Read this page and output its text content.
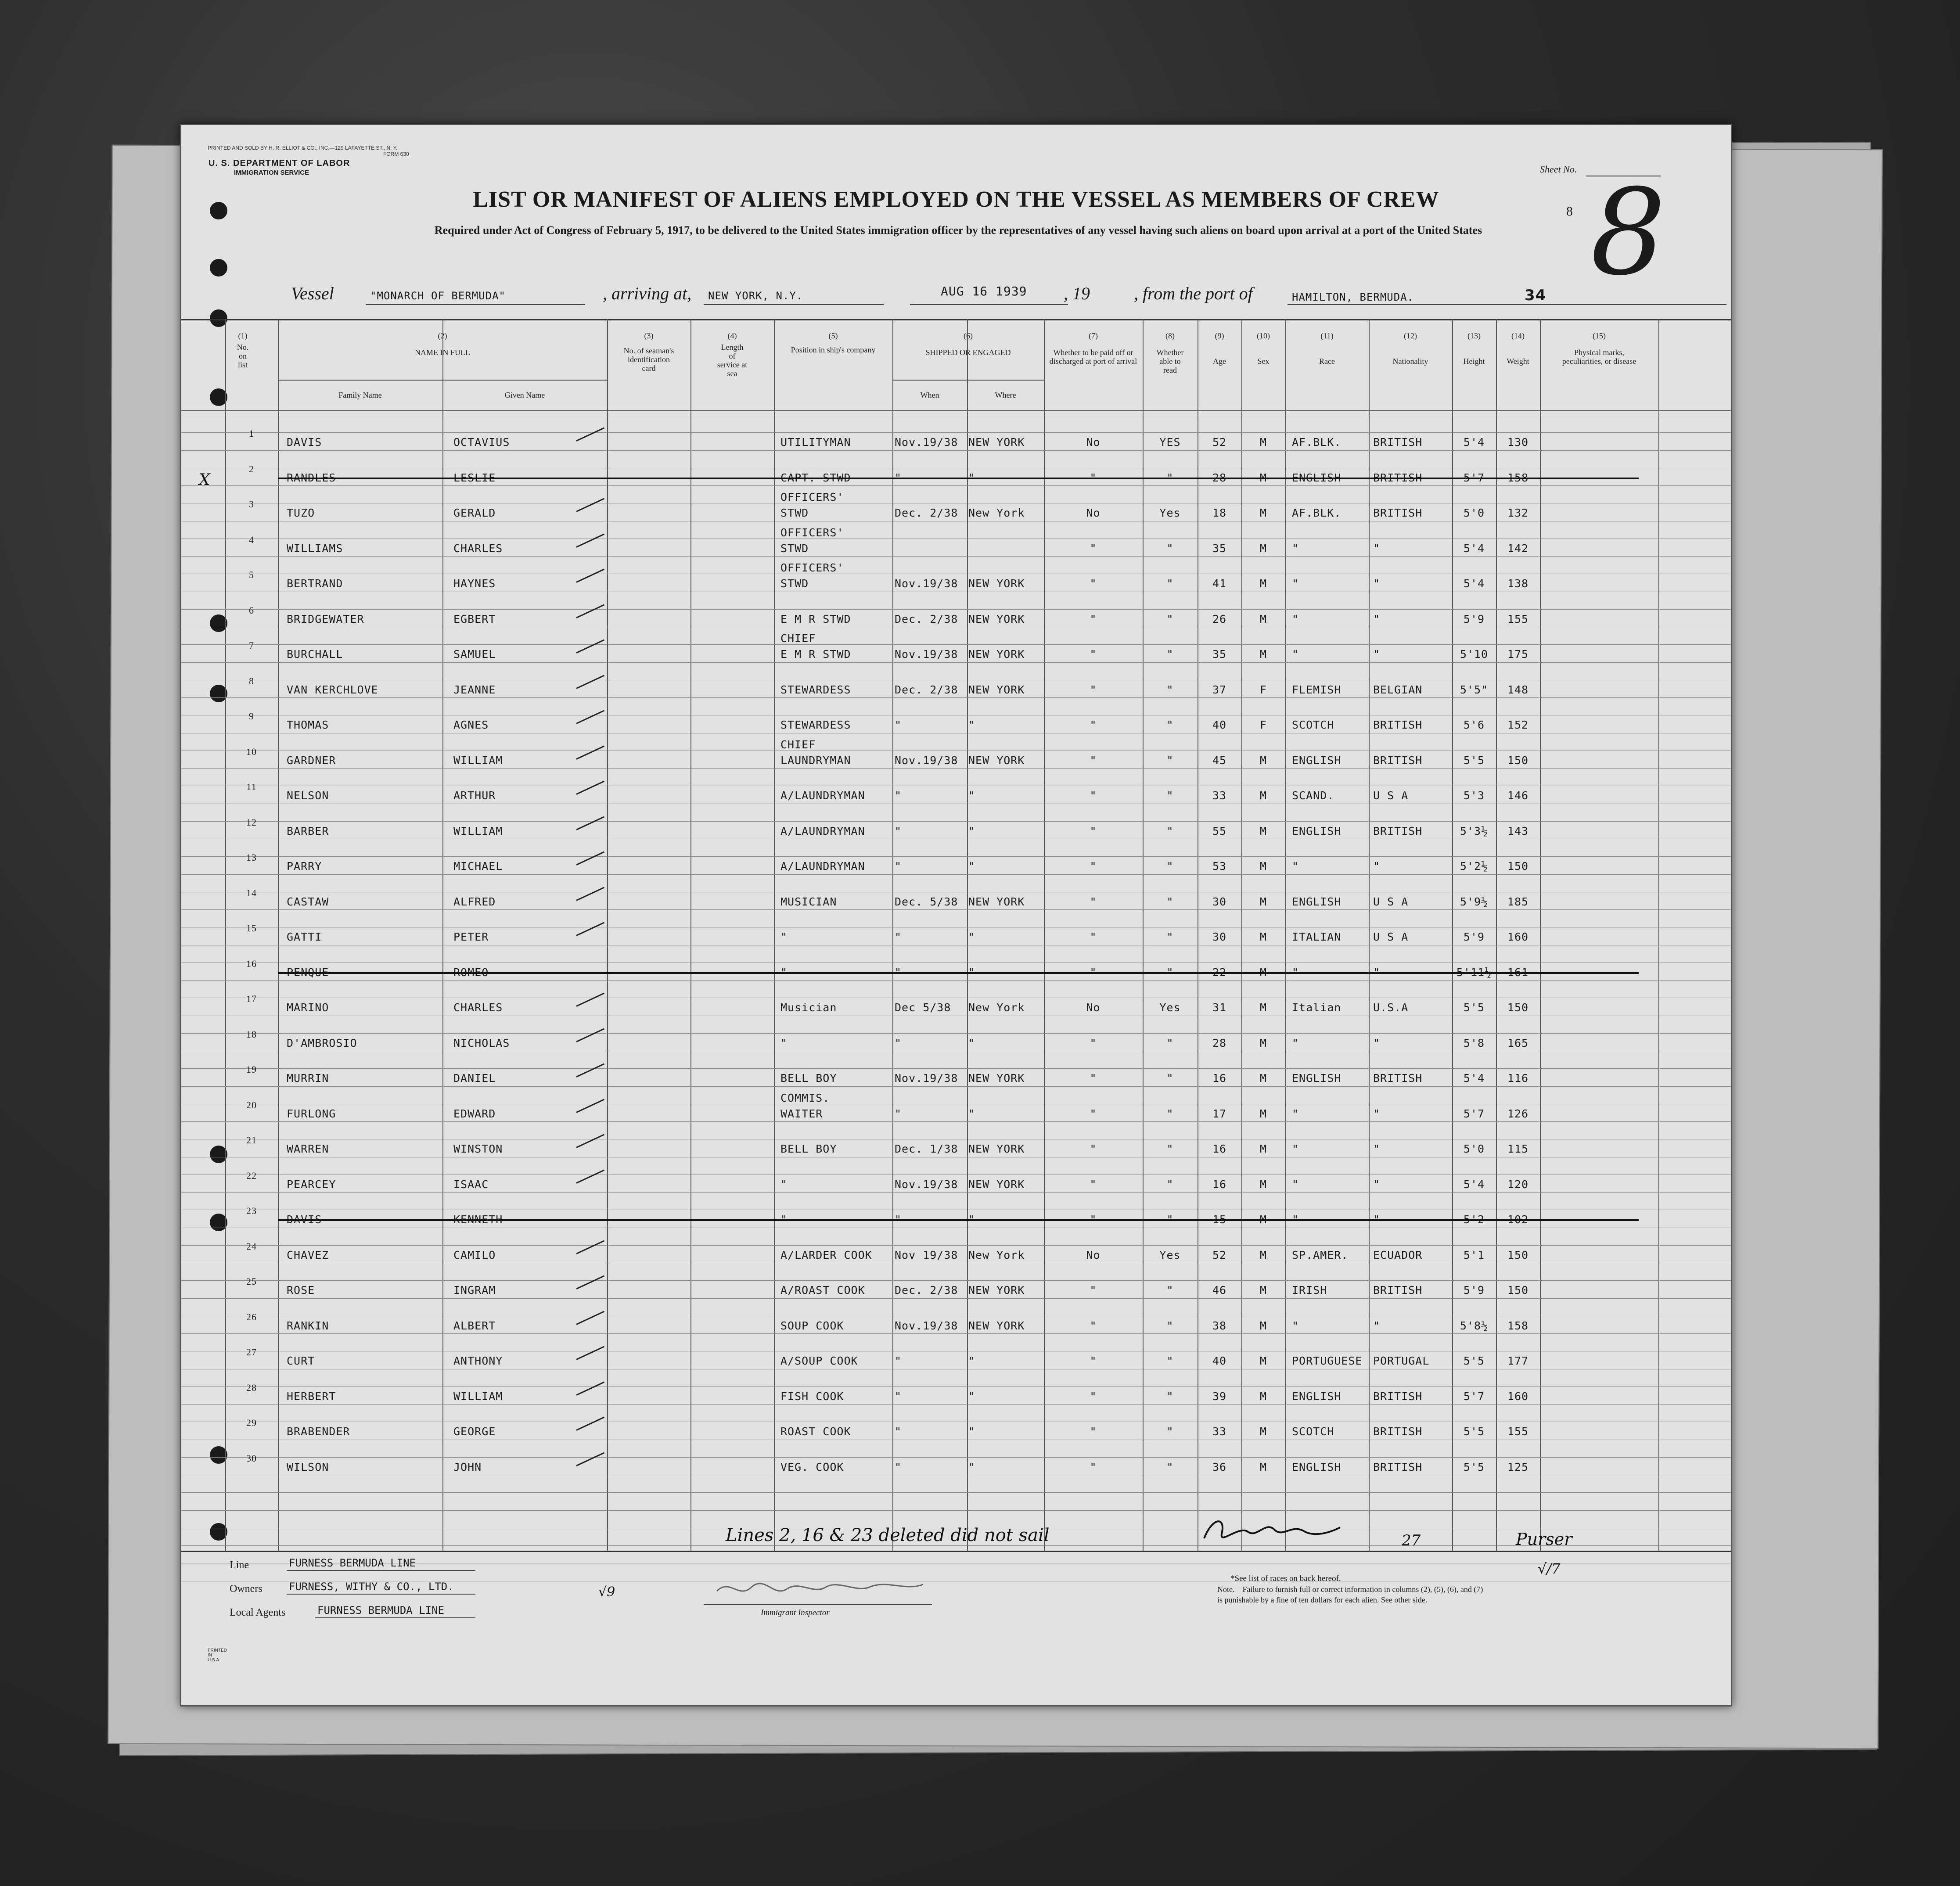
PRINTED AND SOLD BY H. R. ELLIOT & CO., INC.—129 LAFAYETTE ST., N. Y.
FORM 630
U. S. DEPARTMENT OF LABOR
IMMIGRATION SERVICE	Sheet No.
8 8
LIST OR MANIFEST OF ALIENS EMPLOYED ON THE VESSEL AS MEMBERS OF CREW
Required under Act of Congress of February 5, 1917, to be delivered to the United States immigration officer by the representatives of any vessel having such aliens on board upon arrival at a port of the United States
Vessel	"MONARCH OF BERMUDA"	, arriving at, NEW YORK, N.Y.	AUG 16 1939 , 19	, from the port of	HAMILTON, BERMUDA.	34
(1)
No. on list
(2)
NAME IN FULL
Family Name	Given Name
(3)
No. of seaman's identification card
(4)
Length of service at sea
(5)
Position in ship's company
(6)
SHIPPED OR ENGAGED
When	Where
(7)
Whether to be paid off or discharged at port of arrival
(8)
Whether able to read
(9)
Age
(10)
Sex
(11)
Race
(12)
Nationality
(13)
Height
(14)
Weight
(15)
Physical marks, peculiarities, or disease
1
DAVIS	OCTAVIUS	UTILITYMAN	Nov.19/38 NEW YORK	No	YES	52	M	AF.BLK.	BRITISH	5'4	130
2
RANDLES	LESLIE	CAPT. STWD	"	"	"	"	28	M	ENGLISH	BRITISH	5'7	158
3
TUZO	GERALD	STWD	Dec. 2/38 New York	No	Yes	18	M	AF.BLK.	BRITISH	5'0	132
OFFICERS'
4
WILLIAMS	CHARLES	STWD	"	"	35	M	"	"	5'4	142
OFFICERS'
5
BERTRAND	HAYNES	STWD	Nov.19/38 NEW YORK	"	"	41	M	"	"	5'4	138
OFFICERS'
6
BRIDGEWATER	EGBERT	E M R STWD	Dec. 2/38 NEW YORK	"	"	26	M	"	"	5'9	155
7
BURCHALL	SAMUEL	E M R STWD	Nov.19/38 NEW YORK	"	"	35	M	"	"	5'10	175
CHIEF
8
VAN KERCHLOVE	JEANNE	STEWARDESS	Dec. 2/38 NEW YORK	"	"	37	F	FLEMISH	BELGIAN	5'5"	148
9
THOMAS	AGNES	STEWARDESS	"	"	"	"	40	F	SCOTCH	BRITISH	5'6	152
10
GARDNER	WILLIAM	LAUNDRYMAN	Nov.19/38 NEW YORK	"	"	45	M	ENGLISH	BRITISH	5'5	150
CHIEF
11
NELSON	ARTHUR	A/LAUNDRYMAN	"	"	"	"	33	M	SCAND.	U S A	5'3	146
12
BARBER	WILLIAM	A/LAUNDRYMAN	"	"	"	"	55	M	ENGLISH	BRITISH	5'3½	143
13
PARRY	MICHAEL	A/LAUNDRYMAN	"	"	"	"	53	M	"	"	5'2½	150
14
CASTAW	ALFRED	MUSICIAN	Dec. 5/38 NEW YORK	"	"	30	M	ENGLISH	U S A	5'9½	185
15
GATTI	PETER	"	"	"	"	"	30	M	ITALIAN	U S A	5'9	160
16
PENQUE	ROMEO	"	"	"	"	"	22	M	"	"	5'11½	161
17
MARINO	CHARLES	Musician	Dec 5/38	New York	No	Yes	31	M	Italian	U.S.A	5'5	150
18
D'AMBROSIO	NICHOLAS	"	"	"	"	"	28	M	"	"	5'8	165
19
MURRIN	DANIEL	BELL BOY	Nov.19/38 NEW YORK	"	"	16	M	ENGLISH	BRITISH	5'4	116
20
FURLONG	EDWARD	WAITER	"	"	"	"	17	M	"	"	5'7	126
COMMIS.
21
WARREN	WINSTON	BELL BOY	Dec. 1/38 NEW YORK	"	"	16	M	"	"	5'0	115
22
PEARCEY	ISAAC	"	Nov.19/38 NEW YORK	"	"	16	M	"	"	5'4	120
23
DAVIS	KENNETH	"	"	"	"	"	15	M	"	"	5'2	102
24
CHAVEZ	CAMILO	A/LARDER COOK	Nov 19/38 New York	No	Yes	52	M	SP.AMER.	ECUADOR	5'1	150
25
ROSE	INGRAM	A/ROAST COOK	Dec. 2/38 NEW YORK	"	"	46	M	IRISH	BRITISH	5'9	150
26
RANKIN	ALBERT	SOUP COOK	Nov.19/38 NEW YORK	"	"	38	M	"	"	5'8½	158
27
CURT	ANTHONY	A/SOUP COOK	"	"	"	"	40	M	PORTUGUESE PORTUGAL	5'5	177
28
HERBERT	WILLIAM	FISH COOK	"	"	"	"	39	M	ENGLISH	BRITISH	5'7	160
29
BRABENDER	GEORGE	ROAST COOK	"	"	"	"	33	M	SCOTCH	BRITISH	5'5	155
30
WILSON	JOHN	VEG. COOK	"	"	"	"	36	M	ENGLISH	BRITISH	5'5	125
X
Lines 2, 16 & 23 deleted did not sail	27	Purser
Line	FURNESS BERMUDA LINE
Owners	FURNESS, WITHY & CO., LTD.
Local Agents	FURNESS BERMUDA LINE
√9
Immigrant Inspector
*See list of races on back hereof.
Note.—Failure to furnish full or correct information in columns (2), (5), (6), and (7) is punishable by a fine of ten dollars for each alien. See other side.
√/7
PRINTED IN U.S.A.
